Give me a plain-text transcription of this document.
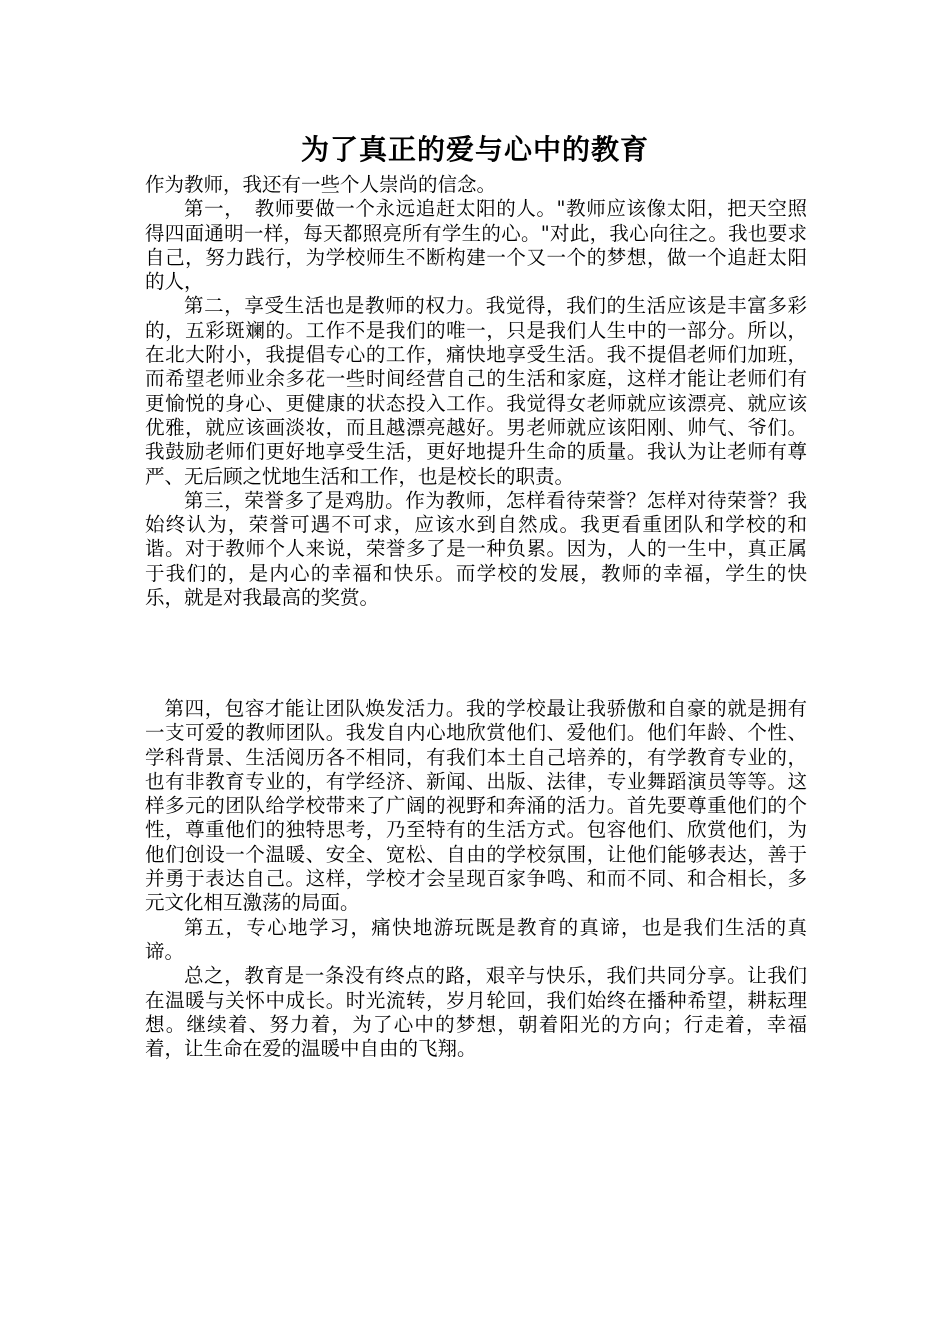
为了真正的爱与心中的教育

作为教师，我还有一些个人崇尚的信念。

第一，　教师要做一个永远追赶太阳的人。"教师应该像太阳，把天空照得四面通明一样，每天都照亮所有学生的心。"对此，我心向往之。我也要求自己，努力践行，为学校师生不断构建一个又一个的梦想，做一个追赶太阳的人，

第二，享受生活也是教师的权力。我觉得，我们的生活应该是丰富多彩的，五彩斑斓的。工作不是我们的唯一，只是我们人生中的一部分。所以，在北大附小，我提倡专心的工作，痛快地享受生活。我不提倡老师们加班，而希望老师业余多花一些时间经营自己的生活和家庭，这样才能让老师们有更愉悦的身心、更健康的状态投入工作。我觉得女老师就应该漂亮、就应该优雅，就应该画淡妆，而且越漂亮越好。男老师就应该阳刚、帅气、爷们。我鼓励老师们更好地享受生活，更好地提升生命的质量。我认为让老师有尊严、无后顾之忧地生活和工作，也是校长的职责。

第三，荣誉多了是鸡肋。作为教师，怎样看待荣誉？怎样对待荣誉？我始终认为，荣誉可遇不可求，应该水到自然成。我更看重团队和学校的和谐。对于教师个人来说，荣誉多了是一种负累。因为，人的一生中，真正属于我们的，是内心的幸福和快乐。而学校的发展，教师的幸福，学生的快乐，就是对我最高的奖赏。

第四，包容才能让团队焕发活力。我的学校最让我骄傲和自豪的就是拥有一支可爱的教师团队。我发自内心地欣赏他们、爱他们。他们年龄、个性、学科背景、生活阅历各不相同，有我们本土自己培养的，有学教育专业的，也有非教育专业的，有学经济、新闻、出版、法律，专业舞蹈演员等等。这样多元的团队给学校带来了广阔的视野和奔涌的活力。首先要尊重他们的个性，尊重他们的独特思考，乃至特有的生活方式。包容他们、欣赏他们，为他们创设一个温暖、安全、宽松、自由的学校氛围，让他们能够表达，善于并勇于表达自己。这样，学校才会呈现百家争鸣、和而不同、和合相长，多元文化相互激荡的局面。

第五，专心地学习，痛快地游玩既是教育的真谛，也是我们生活的真谛。

总之，教育是一条没有终点的路，艰辛与快乐，我们共同分享。让我们在温暖与关怀中成长。时光流转，岁月轮回，我们始终在播种希望，耕耘理想。继续着、努力着，为了心中的梦想，朝着阳光的方向；行走着，幸福着，让生命在爱的温暖中自由的飞翔。
